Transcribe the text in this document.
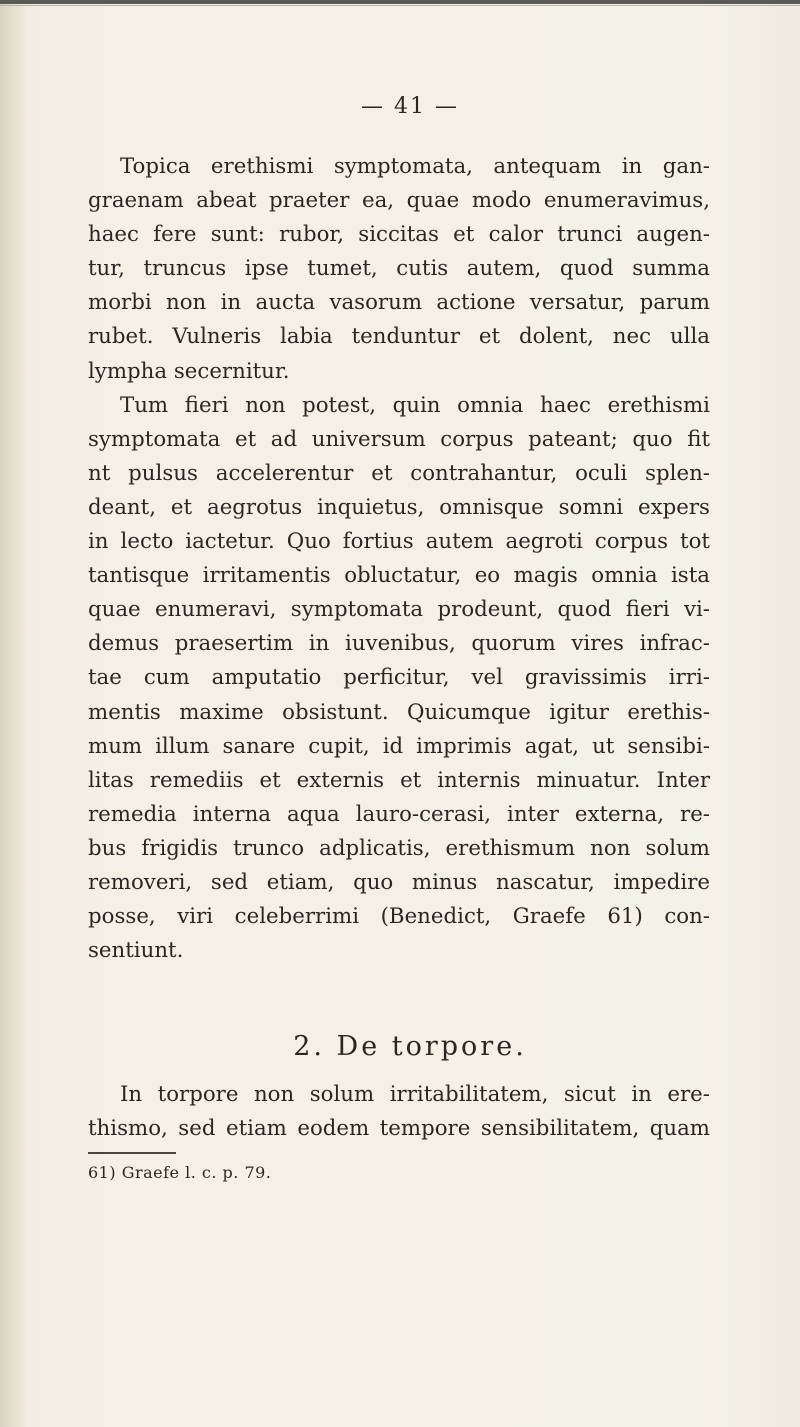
— 41 —
Topica erethismi symptomata, antequam in gan-
graenam abeat praeter ea, quae modo enumeravimus,
haec fere sunt: rubor, siccitas et calor trunci augen-
tur, truncus ipse tumet, cutis autem, quod summa
morbi non in aucta vasorum actione versatur, parum
rubet. Vulneris labia tenduntur et dolent, nec ulla
lympha secernitur.
Tum fieri non potest, quin omnia haec erethismi
symptomata et ad universum corpus pateant; quo fit
nt pulsus accelerentur et contrahantur, oculi splen-
deant, et aegrotus inquietus, omnisque somni expers
in lecto iactetur. Quo fortius autem aegroti corpus tot
tantisque irritamentis obluctatur, eo magis omnia ista
quae enumeravi, symptomata prodeunt, quod fieri vi-
demus praesertim in iuvenibus, quorum vires infrac-
tae cum amputatio perficitur, vel gravissimis irri-
mentis maxime obsistunt. Quicumque igitur erethis-
mum illum sanare cupit, id imprimis agat, ut sensibi-
litas remediis et externis et internis minuatur. Inter
remedia interna aqua lauro-cerasi, inter externa, re-
bus frigidis trunco adplicatis, erethismum non solum
removeri, sed etiam, quo minus nascatur, impedire
posse, viri celeberrimi (Benedict, Graefe 61) con-
sentiunt.
2. De torpore.
In torpore non solum irritabilitatem, sicut in ere-
thismo, sed etiam eodem tempore sensibilitatem, quam
61) Graefe l. c. p. 79.
